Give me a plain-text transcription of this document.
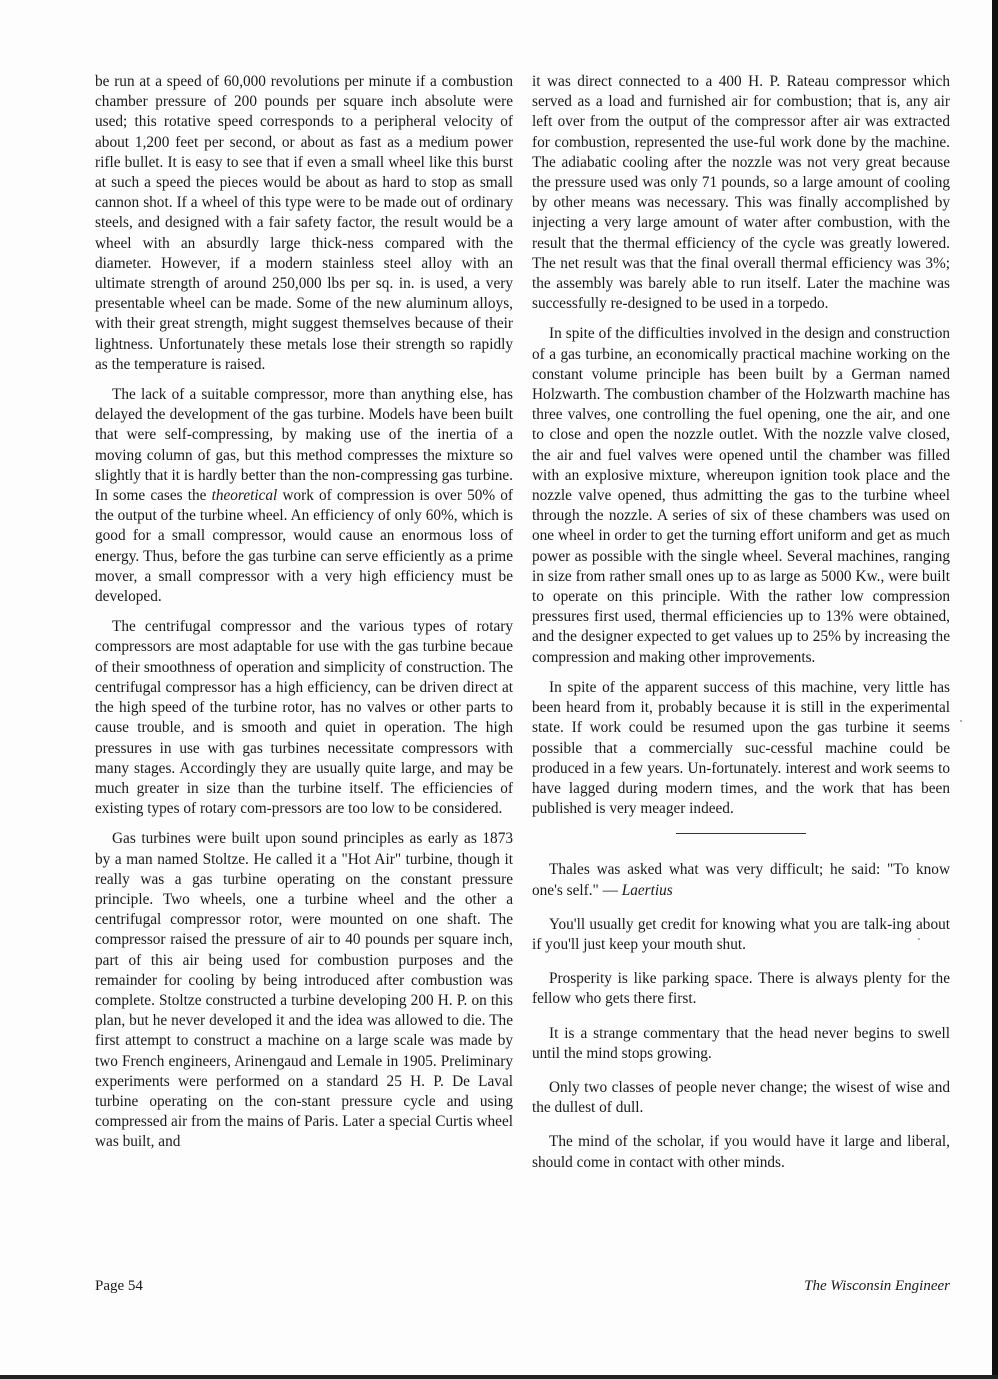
be run at a speed of 60,000 revolutions per minute if a combustion chamber pressure of 200 pounds per square inch absolute were used; this rotative speed corresponds to a peripheral velocity of about 1,200 feet per second, or about as fast as a medium power rifle bullet. It is easy to see that if even a small wheel like this burst at such a speed the pieces would be about as hard to stop as small cannon shot. If a wheel of this type were to be made out of ordinary steels, and designed with a fair safety factor, the result would be a wheel with an absurdly large thick-ness compared with the diameter. However, if a modern stainless steel alloy with an ultimate strength of around 250,000 lbs per sq. in. is used, a very presentable wheel can be made. Some of the new aluminum alloys, with their great strength, might suggest themselves because of their lightness. Unfortunately these metals lose their strength so rapidly as the temperature is raised.

The lack of a suitable compressor, more than anything else, has delayed the development of the gas turbine. Models have been built that were self-compressing, by making use of the inertia of a moving column of gas, but this method compresses the mixture so slightly that it is hardly better than the non-compressing gas turbine. In some cases the theoretical work of compression is over 50% of the output of the turbine wheel. An efficiency of only 60%, which is good for a small compressor, would cause an enormous loss of energy. Thus, before the gas turbine can serve efficiently as a prime mover, a small compressor with a very high efficiency must be developed.

The centrifugal compressor and the various types of rotary compressors are most adaptable for use with the gas turbine becaue of their smoothness of operation and simplicity of construction. The centrifugal compressor has a high efficiency, can be driven direct at the high speed of the turbine rotor, has no valves or other parts to cause trouble, and is smooth and quiet in operation. The high pressures in use with gas turbines necessitate compressors with many stages. Accordingly they are usually quite large, and may be much greater in size than the turbine itself. The efficiencies of existing types of rotary com-pressors are too low to be considered.

Gas turbines were built upon sound principles as early as 1873 by a man named Stoltze. He called it a "Hot Air" turbine, though it really was a gas turbine operating on the constant pressure principle. Two wheels, one a turbine wheel and the other a centrifugal compressor rotor, were mounted on one shaft. The compressor raised the pressure of air to 40 pounds per square inch, part of this air being used for combustion purposes and the remainder for cooling by being introduced after combustion was complete. Stoltze constructed a turbine developing 200 H. P. on this plan, but he never developed it and the idea was allowed to die. The first attempt to construct a machine on a large scale was made by two French engineers, Arinengaud and Lemale in 1905. Preliminary experiments were performed on a standard 25 H. P. De Laval turbine operating on the con-stant pressure cycle and using compressed air from the mains of Paris. Later a special Curtis wheel was built, and

it was direct connected to a 400 H. P. Rateau compressor which served as a load and furnished air for combustion; that is, any air left over from the output of the compressor after air was extracted for combustion, represented the use-ful work done by the machine. The adiabatic cooling after the nozzle was not very great because the pressure used was only 71 pounds, so a large amount of cooling by other means was necessary. This was finally accomplished by injecting a very large amount of water after combustion, with the result that the thermal efficiency of the cycle was greatly lowered. The net result was that the final overall thermal efficiency was 3%; the assembly was barely able to run itself. Later the machine was successfully re-designed to be used in a torpedo.

In spite of the difficulties involved in the design and construction of a gas turbine, an economically practical machine working on the constant volume principle has been built by a German named Holzwarth. The combustion chamber of the Holzwarth machine has three valves, one controlling the fuel opening, one the air, and one to close and open the nozzle outlet. With the nozzle valve closed, the air and fuel valves were opened until the chamber was filled with an explosive mixture, whereupon ignition took place and the nozzle valve opened, thus admitting the gas to the turbine wheel through the nozzle. A series of six of these chambers was used on one wheel in order to get the turning effort uniform and get as much power as possible with the single wheel. Several machines, ranging in size from rather small ones up to as large as 5000 Kw., were built to operate on this principle. With the rather low compression pressures first used, thermal efficiencies up to 13% were obtained, and the designer expected to get values up to 25% by increasing the compression and making other improvements.

In spite of the apparent success of this machine, very little has been heard from it, probably because it is still in the experimental state. If work could be resumed upon the gas turbine it seems possible that a commercially suc-cessful machine could be produced in a few years. Un-fortunately. interest and work seems to have lagged during modern times, and the work that has been published is very meager indeed.

Thales was asked what was very difficult; he said: "To know one's self." — Laertius

You'll usually get credit for knowing what you are talk-ing about if you'll just keep your mouth shut.

Prosperity is like parking space. There is always plenty for the fellow who gets there first.

It is a strange commentary that the head never begins to swell until the mind stops growing.

Only two classes of people never change; the wisest of wise and the dullest of dull.

The mind of the scholar, if you would have it large and liberal, should come in contact with other minds.

Page 54	The Wisconsin Engineer
